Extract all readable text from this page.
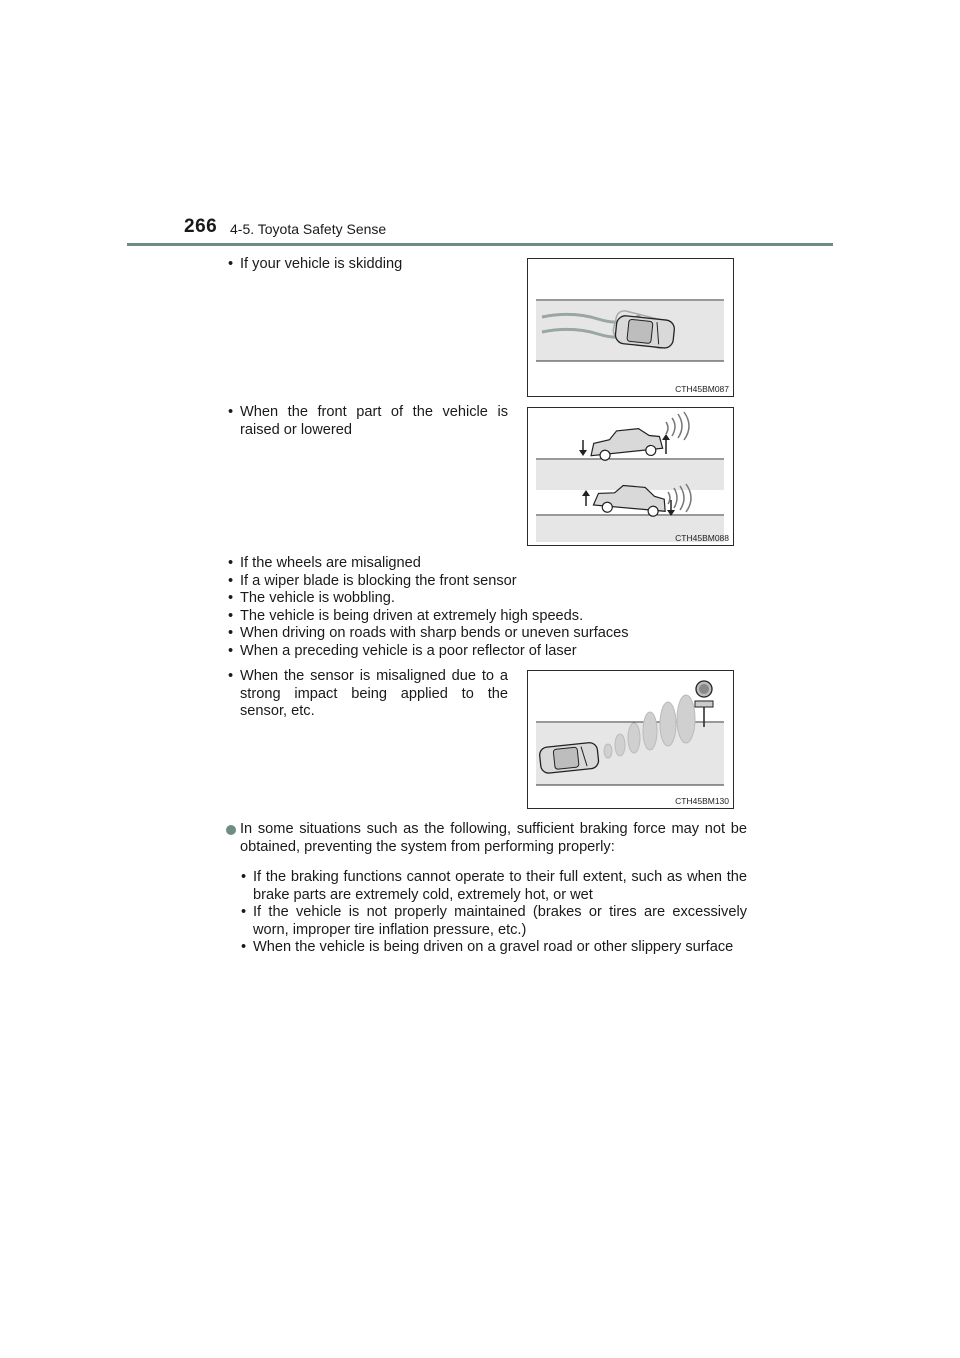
266 4-5. Toyota Safety Sense
• If your vehicle is skidding
CTH45BM087
• When the front part of the vehicle is raised or lowered
CTH45BM088
• If the wheels are misaligned
• If a wiper blade is blocking the front sensor
• The vehicle is wobbling.
• The vehicle is being driven at extremely high speeds.
• When driving on roads with sharp bends or uneven surfaces
• When a preceding vehicle is a poor reflector of laser
• When the sensor is misaligned due to a strong impact being applied to the sensor, etc.
CTH45BM130
In some situations such as the following, sufficient braking force may not be obtained, preventing the system from performing properly:
• If the braking functions cannot operate to their full extent, such as when the brake parts are extremely cold, extremely hot, or wet
• If the vehicle is not properly maintained (brakes or tires are excessively worn, improper tire inflation pressure, etc.)
• When the vehicle is being driven on a gravel road or other slippery surface
